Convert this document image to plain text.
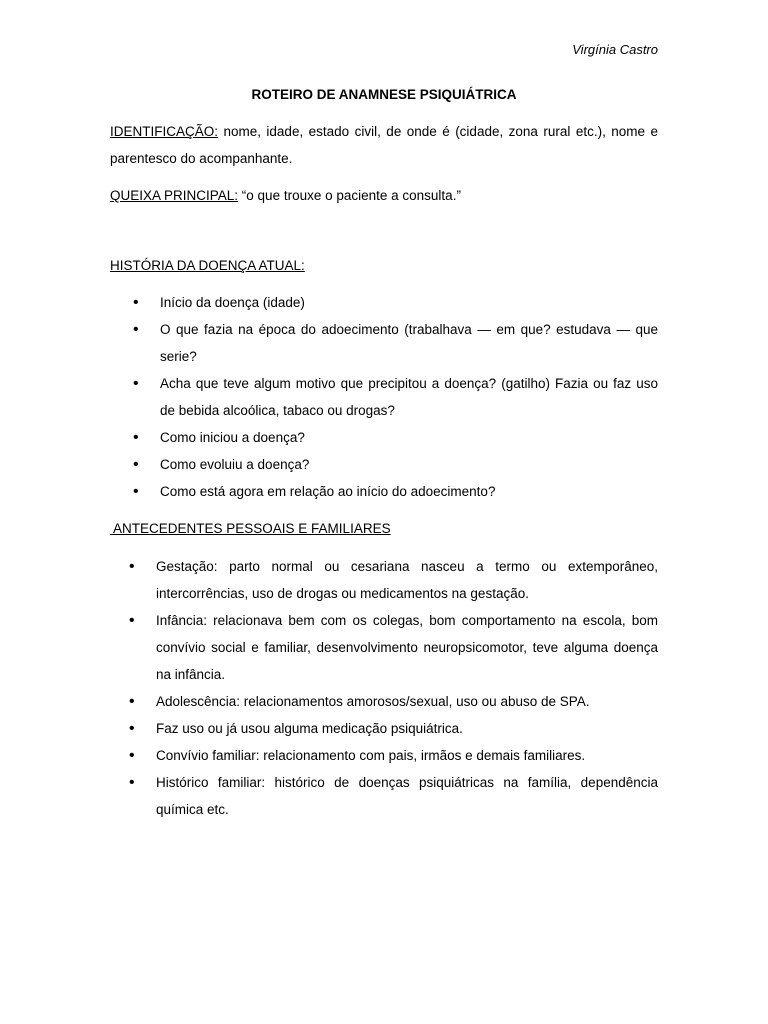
Virgínia Castro
ROTEIRO DE ANAMNESE PSIQUIÁTRICA
IDENTIFICAÇÃO: nome, idade, estado civil, de onde é (cidade, zona rural etc.), nome e parentesco do acompanhante.
QUEIXA PRINCIPAL: “o que trouxe o paciente a consulta.”
HISTÓRIA DA DOENÇA ATUAL:
• Início da doença (idade)
• O que fazia na época do adoecimento (trabalhava — em que? estudava — que serie?
• Acha que teve algum motivo que precipitou a doença? (gatilho) Fazia ou faz uso de bebida alcoólica, tabaco ou drogas?
• Como iniciou a doença?
• Como evoluiu a doença?
• Como está agora em relação ao início do adoecimento?
ANTECEDENTES PESSOAIS E FAMILIARES
• Gestação: parto normal ou cesariana nasceu a termo ou extemporâneo, intercorrências, uso de drogas ou medicamentos na gestação.
• Infância: relacionava bem com os colegas, bom comportamento na escola, bom convívio social e familiar, desenvolvimento neuropsicomotor, teve alguma doença na infância.
• Adolescência: relacionamentos amorosos/sexual, uso ou abuso de SPA.
• Faz uso ou já usou alguma medicação psiquiátrica.
• Convívio familiar: relacionamento com pais, irmãos e demais familiares.
• Histórico familiar: histórico de doenças psiquiátricas na família, dependência química etc.
